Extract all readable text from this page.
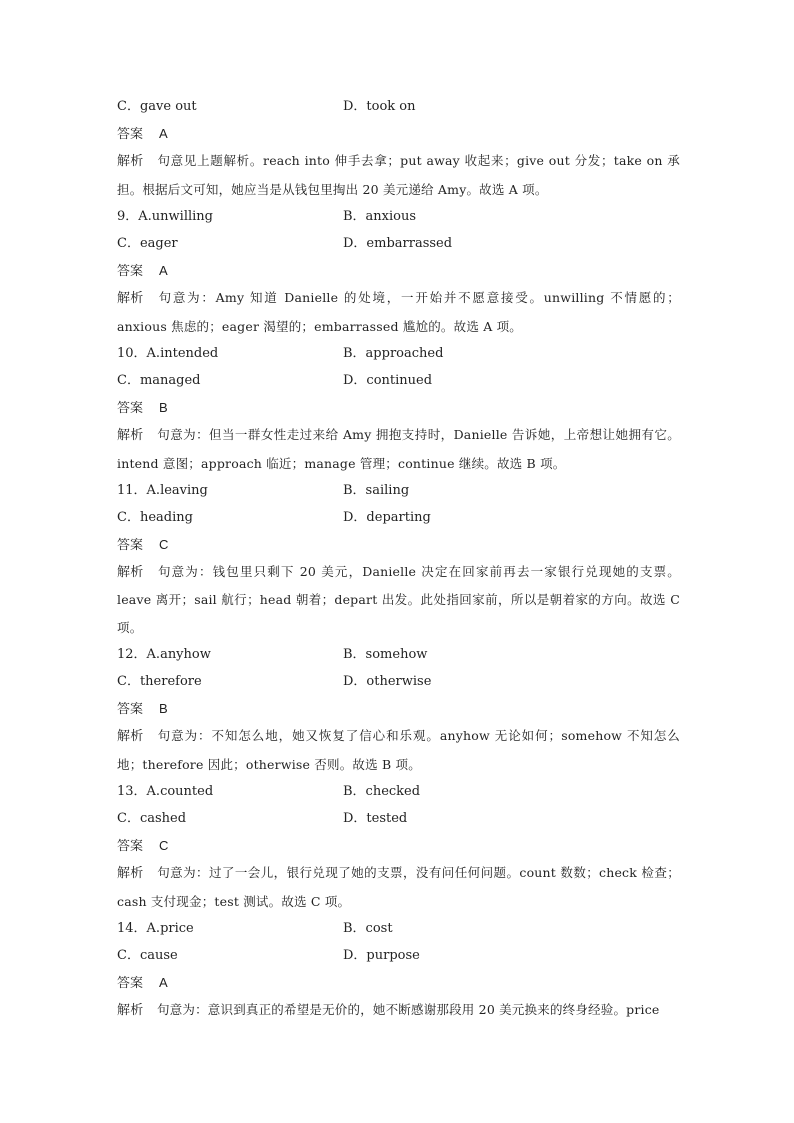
C．gave out	D．took on
答案 A
解析 句意见上题解析。reach into 伸手去拿；put away 收起来；give out 分发；take on 承担。根据后文可知，她应当是从钱包里掏出 20 美元递给 Amy。故选 A 项。
9．A.unwilling	B．anxious
C．eager	D．embarrassed
答案 A
解析 句意为：Amy 知道 Danielle 的处境，一开始并不愿意接受。unwilling 不情愿的；anxious 焦虑的；eager 渴望的；embarrassed 尴尬的。故选 A 项。
10．A.intended	B．approached
C．managed	D．continued
答案 B
解析 句意为：但当一群女性走过来给 Amy 拥抱支持时，Danielle 告诉她，上帝想让她拥有它。intend 意图；approach 临近；manage 管理；continue 继续。故选 B 项。
11．A.leaving	B．sailing
C．heading	D．departing
答案 C
解析 句意为：钱包里只剩下 20 美元，Danielle 决定在回家前再去一家银行兑现她的支票。leave 离开；sail 航行；head 朝着；depart 出发。此处指回家前，所以是朝着家的方向。故选 C 项。
12．A.anyhow	B．somehow
C．therefore	D．otherwise
答案 B
解析 句意为：不知怎么地，她又恢复了信心和乐观。anyhow 无论如何；somehow 不知怎么地；therefore 因此；otherwise 否则。故选 B 项。
13．A.counted	B．checked
C．cashed	D．tested
答案 C
解析 句意为：过了一会儿，银行兑现了她的支票，没有问任何问题。count 数数；check 检查；cash 支付现金；test 测试。故选 C 项。
14．A.price	B．cost
C．cause	D．purpose
答案 A
解析 句意为：意识到真正的希望是无价的，她不断感谢那段用 20 美元换来的终身经验。price
